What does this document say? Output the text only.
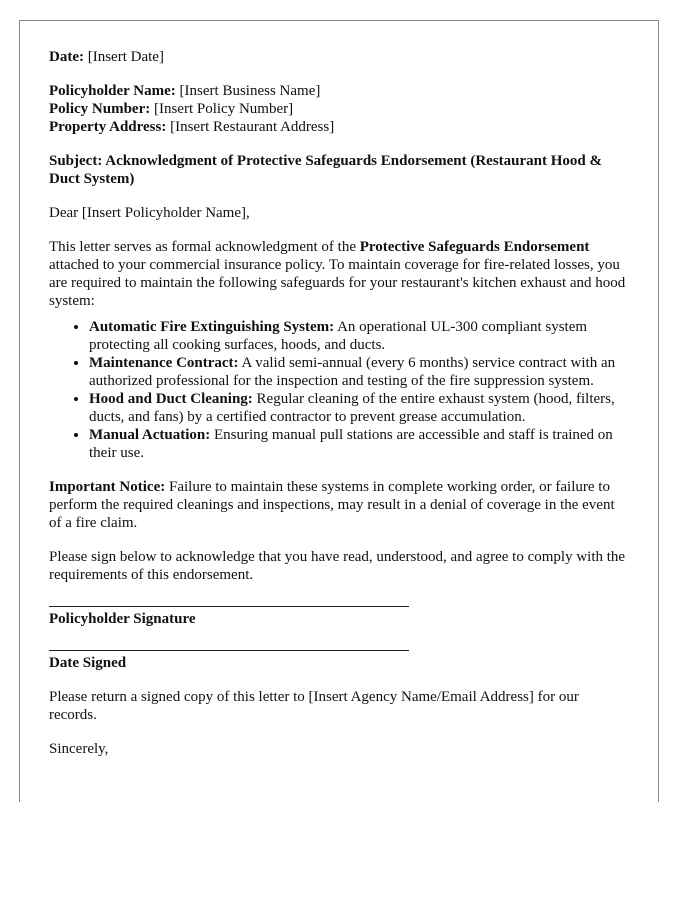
Date: [Insert Date]

Policyholder Name: [Insert Business Name]

Policy Number: [Insert Policy Number]

Property Address: [Insert Restaurant Address]

Subject: Acknowledgment of Protective Safeguards Endorsement (Restaurant Hood & Duct System)

Dear [Insert Policyholder Name],

This letter serves as formal acknowledgment of the Protective Safeguards Endorsement attached to your commercial insurance policy. To maintain coverage for fire-related losses, you are required to maintain the following safeguards for your restaurant's kitchen exhaust and hood system:

• Automatic Fire Extinguishing System: An operational UL-300 compliant system protecting all cooking surfaces, hoods, and ducts.
• Maintenance Contract: A valid semi-annual (every 6 months) service contract with an authorized professional for the inspection and testing of the fire suppression system.
• Hood and Duct Cleaning: Regular cleaning of the entire exhaust system (hood, filters, ducts, and fans) by a certified contractor to prevent grease accumulation.
• Manual Actuation: Ensuring manual pull stations are accessible and staff is trained on their use.

Important Notice: Failure to maintain these systems in complete working order, or failure to perform the required cleanings and inspections, may result in a denial of coverage in the event of a fire claim.

Please sign below to acknowledge that you have read, understood, and agree to comply with the requirements of this endorsement.

Policyholder Signature

Date Signed

Please return a signed copy of this letter to [Insert Agency Name/Email Address] for our records.

Sincerely,
